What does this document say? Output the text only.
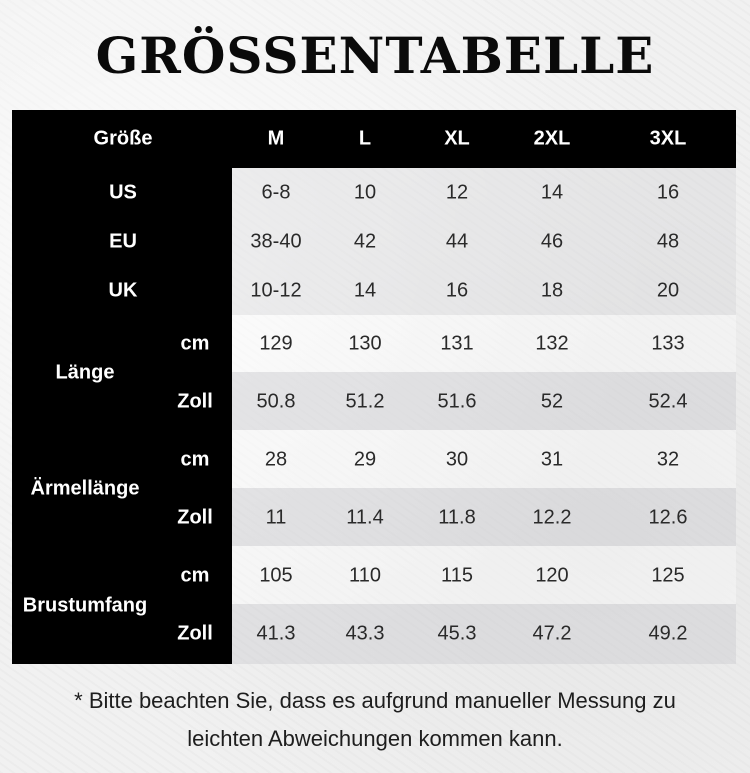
GRÖSSENTABELLE
Größe	M	L	XL	2XL	3XL
US	6-8	10	12	14	16
EU	38-40	42	44	46	48
UK	10-12	14	16	18	20
Länge
cm 129	130	131	132	133
Zoll 50.8	51.2	51.6	52	52.4
Ärmellänge
cm	28	29	30	31	32
Zoll	11	11.4	11.8	12.2	12.6
Brustumfang
cm 105	110	115	120	125
Zoll 41.3	43.3	45.3	47.2	49.2
* Bitte beachten Sie, dass es aufgrund manueller Messung zu
leichten Abweichungen kommen kann.
